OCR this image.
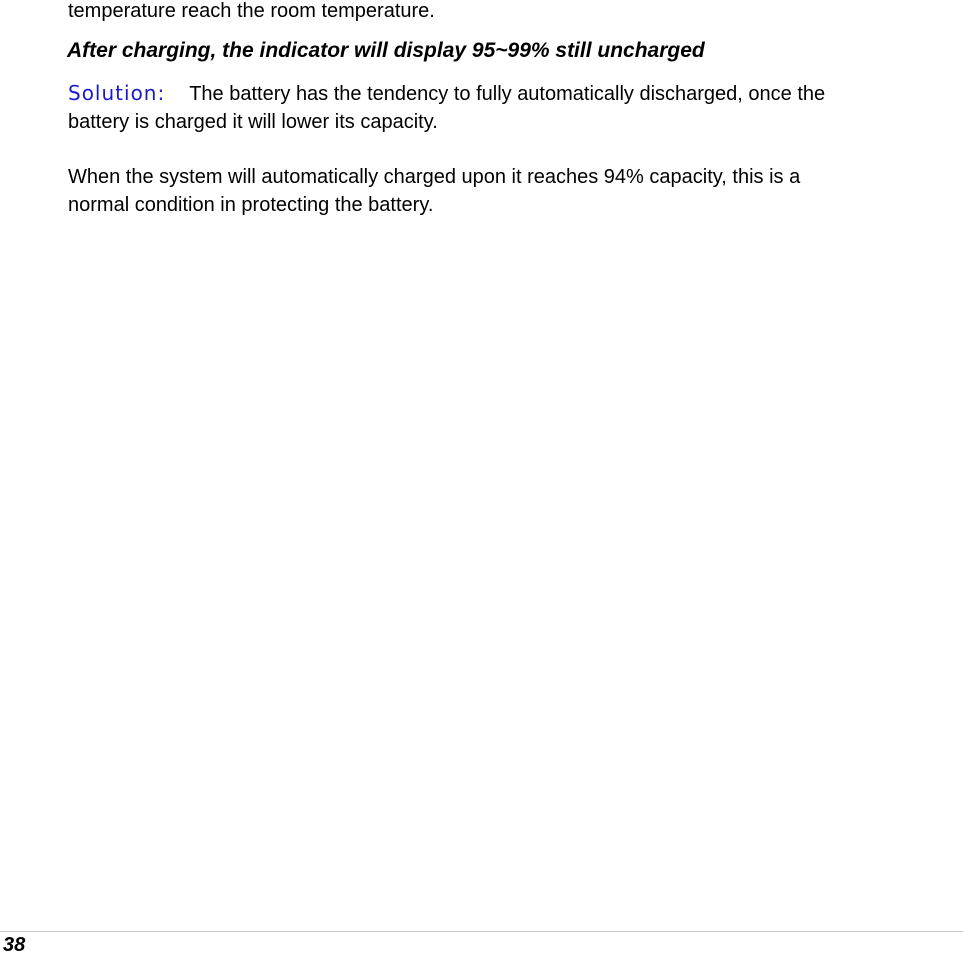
temperature reach the room temperature.
After charging, the indicator will display 95~99% still uncharged
Solution: The battery has the tendency to fully automatically discharged, once the
battery is charged it will lower its capacity.
When the system will automatically charged upon it reaches 94% capacity, this is a
normal condition in protecting the battery.
38
